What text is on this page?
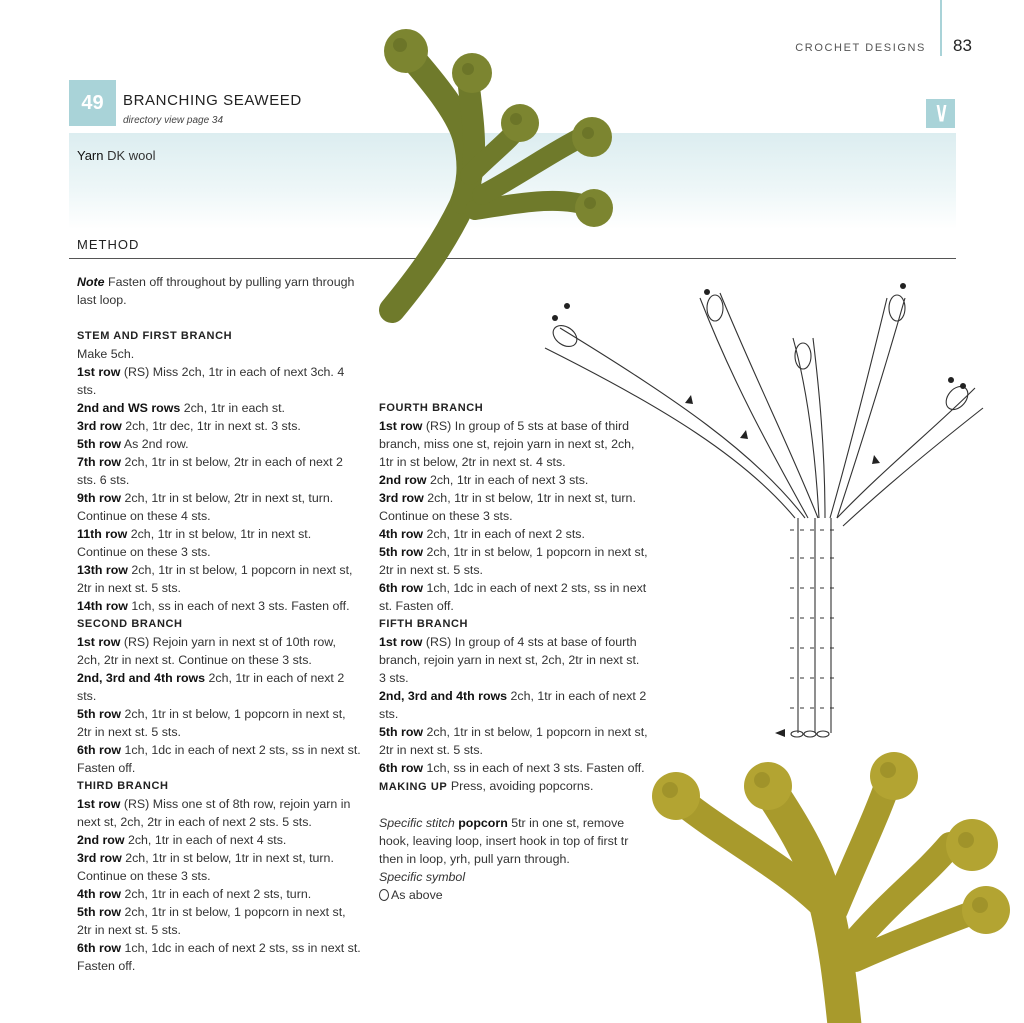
CROCHET DESIGNS 83
\/
49 BRANCHING SEAWEED
directory view page 34
Yarn DK wool
METHOD

Note Fasten off throughout by pulling yarn through last loop.

STEM AND FIRST BRANCH

Make 5ch.

1st row (RS) Miss 2ch, 1tr in each of next 3ch. 4 sts.

2nd and WS rows 2ch, 1tr in each st.

3rd row 2ch, 1tr dec, 1tr in next st. 3 sts.

5th row As 2nd row.

7th row 2ch, 1tr in st below, 2tr in each of next 2 sts. 6 sts.

9th row 2ch, 1tr in st below, 2tr in next st, turn. Continue on these 4 sts.

11th row 2ch, 1tr in st below, 1tr in next st. Continue on these 3 sts.

13th row 2ch, 1tr in st below, 1 popcorn in next st, 2tr in next st. 5 sts.

14th row 1ch, ss in each of next 3 sts. Fasten off.

SECOND BRANCH

1st row (RS) Rejoin yarn in next st of 10th row, 2ch, 2tr in next st. Continue on these 3 sts.

2nd, 3rd and 4th rows 2ch, 1tr in each of next 2 sts.

5th row 2ch, 1tr in st below, 1 popcorn in next st, 2tr in next st. 5 sts.

6th row 1ch, 1dc in each of next 2 sts, ss in next st. Fasten off.

THIRD BRANCH

1st row (RS) Miss one st of 8th row, rejoin yarn in next st, 2ch, 2tr in each of next 2 sts. 5 sts.

2nd row 2ch, 1tr in each of next 4 sts.

3rd row 2ch, 1tr in st below, 1tr in next st, turn. Continue on these 3 sts.

4th row 2ch, 1tr in each of next 2 sts, turn.

5th row 2ch, 1tr in st below, 1 popcorn in next st, 2tr in next st. 5 sts.

6th row 1ch, 1dc in each of next 2 sts, ss in next st. Fasten off.

FOURTH BRANCH

1st row (RS) In group of 5 sts at base of third branch, miss one st, rejoin yarn in next st, 2ch, 1tr in st below, 2tr in next st. 4 sts.

2nd row 2ch, 1tr in each of next 3 sts.

3rd row 2ch, 1tr in st below, 1tr in next st, turn. Continue on these 3 sts.

4th row 2ch, 1tr in each of next 2 sts.

5th row 2ch, 1tr in st below, 1 popcorn in next st, 2tr in next st. 5 sts.

6th row 1ch, 1dc in each of next 2 sts, ss in next st. Fasten off.

FIFTH BRANCH

1st row (RS) In group of 4 sts at base of fourth branch, rejoin yarn in next st, 2ch, 2tr in next st. 3 sts.

2nd, 3rd and 4th rows 2ch, 1tr in each of next 2 sts.

5th row 2ch, 1tr in st below, 1 popcorn in next st, 2tr in next st. 5 sts.

6th row 1ch, ss in each of next 3 sts. Fasten off.

MAKING UP Press, avoiding popcorns.

Specific stitch popcorn 5tr in one st, remove hook, leaving loop, insert hook in top of first tr then in loop, yrh, pull yarn through.

Specific symbol

As above
